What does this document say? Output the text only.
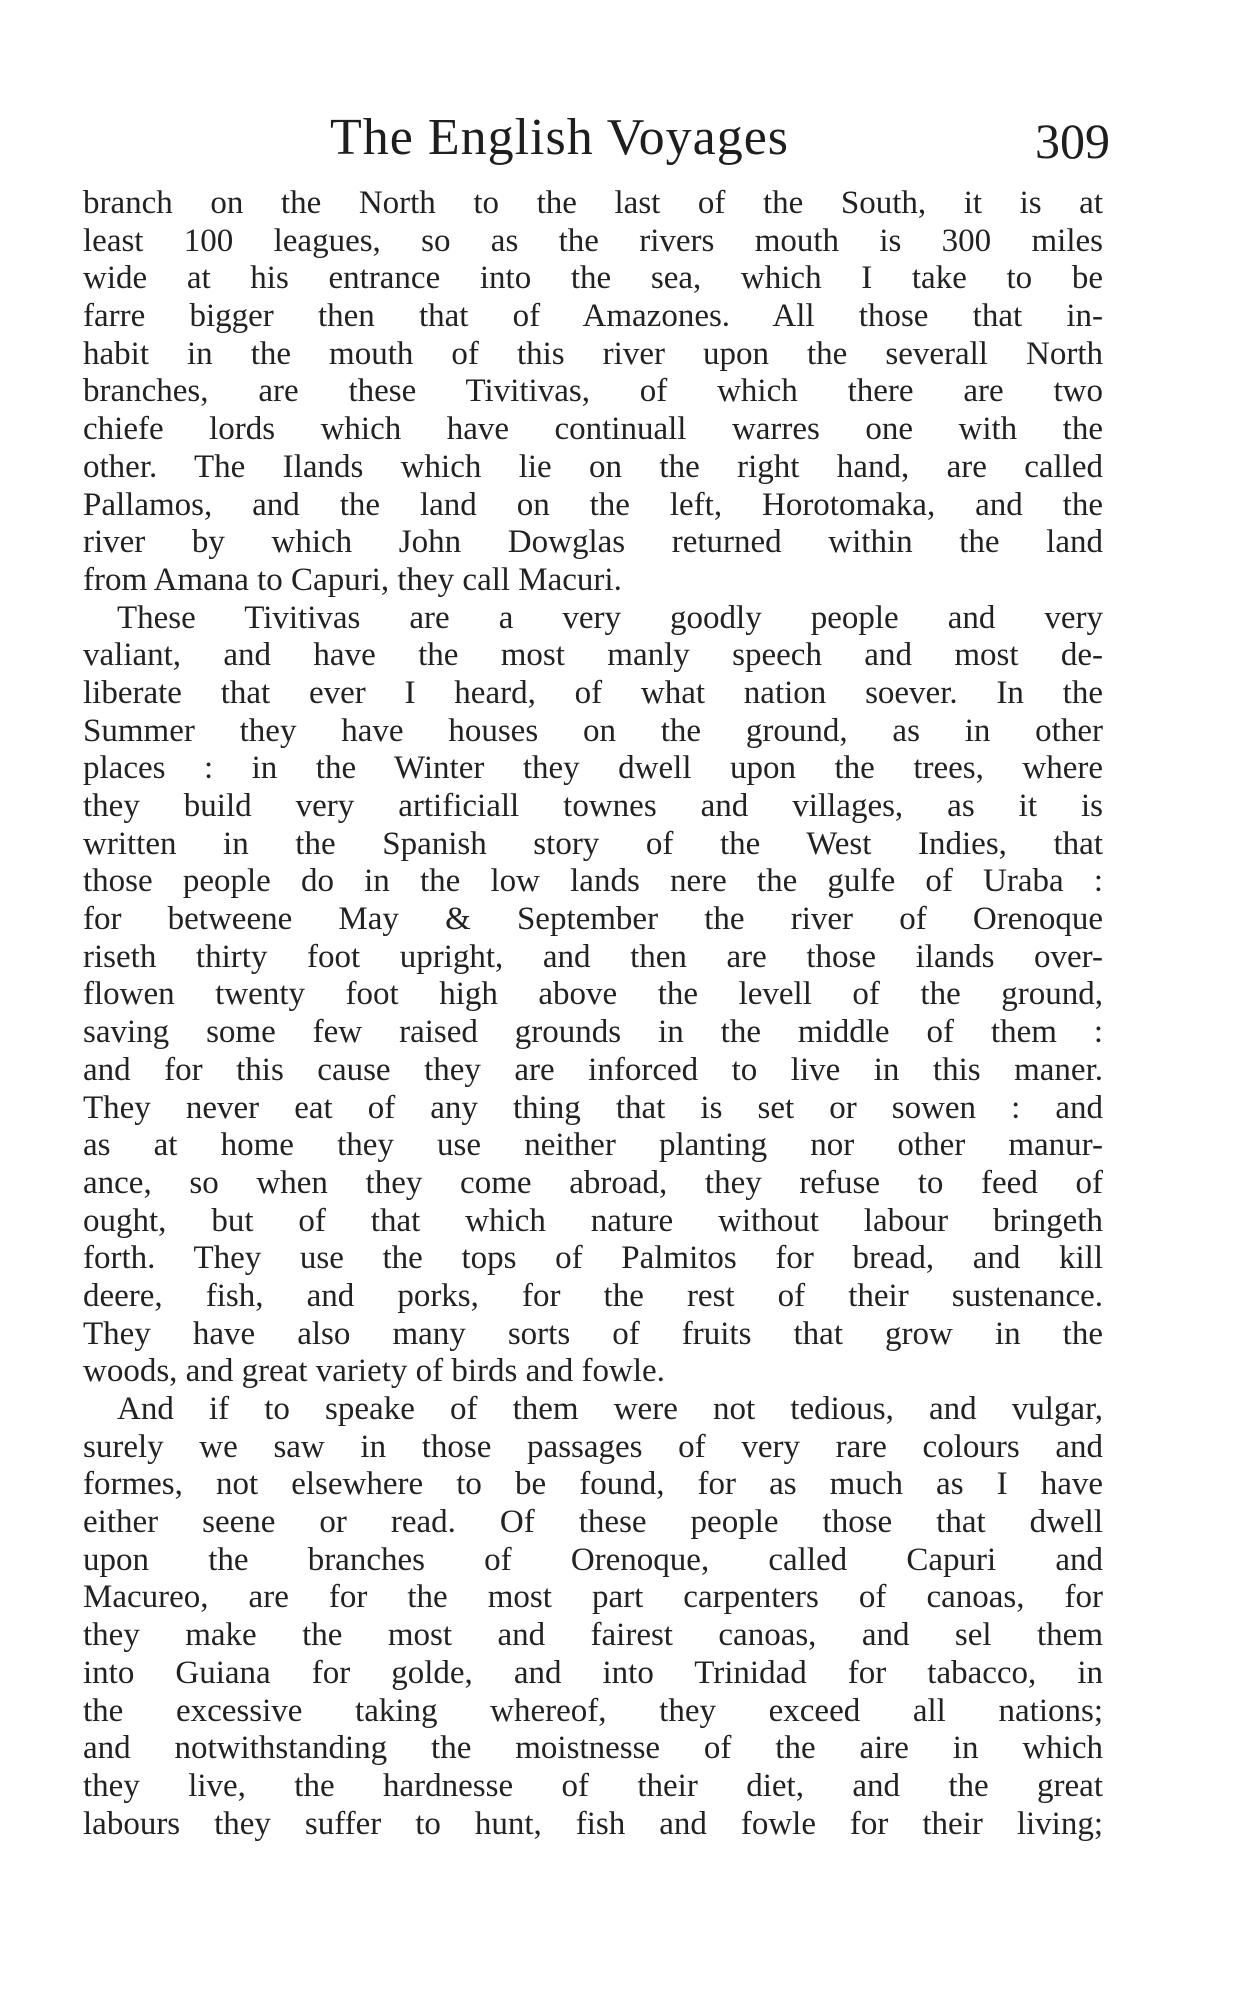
The English Voyages	309
branch on the North to the last of the South, it is at
least 100 leagues, so as the rivers mouth is 300 miles
wide at his entrance into the sea, which I take to be
farre bigger then that of Amazones. All those that in-
habit in the mouth of this river upon the severall North
branches, are these Tivitivas, of which there are two
chiefe lords which have continuall warres one with the
other. The Ilands which lie on the right hand, are called
Pallamos, and the land on the left, Horotomaka, and the
river by which John Dowglas returned within the land
from Amana to Capuri, they call Macuri.
These Tivitivas are a very goodly people and very
valiant, and have the most manly speech and most de-
liberate that ever I heard, of what nation soever. In the
Summer they have houses on the ground, as in other
places : in the Winter they dwell upon the trees, where
they build very artificiall townes and villages, as it is
written in the Spanish story of the West Indies, that
those people do in the low lands nere the gulfe of Uraba :
for betweene May & September the river of Orenoque
riseth thirty foot upright, and then are those ilands over-
flowen twenty foot high above the levell of the ground,
saving some few raised grounds in the middle of them :
and for this cause they are inforced to live in this maner.
They never eat of any thing that is set or sowen : and
as at home they use neither planting nor other manur-
ance, so when they come abroad, they refuse to feed of
ought, but of that which nature without labour bringeth
forth. They use the tops of Palmitos for bread, and kill
deere, fish, and porks, for the rest of their sustenance.
They have also many sorts of fruits that grow in the
woods, and great variety of birds and fowle.
And if to speake of them were not tedious, and vulgar,
surely we saw in those passages of very rare colours and
formes, not elsewhere to be found, for as much as I have
either seene or read. Of these people those that dwell
upon the branches of Orenoque, called Capuri and
Macureo, are for the most part carpenters of canoas, for
they make the most and fairest canoas, and sel them
into Guiana for golde, and into Trinidad for tabacco, in
the excessive taking whereof, they exceed all nations;
and notwithstanding the moistnesse of the aire in which
they live, the hardnesse of their diet, and the great
labours they suffer to hunt, fish and fowle for their living;
